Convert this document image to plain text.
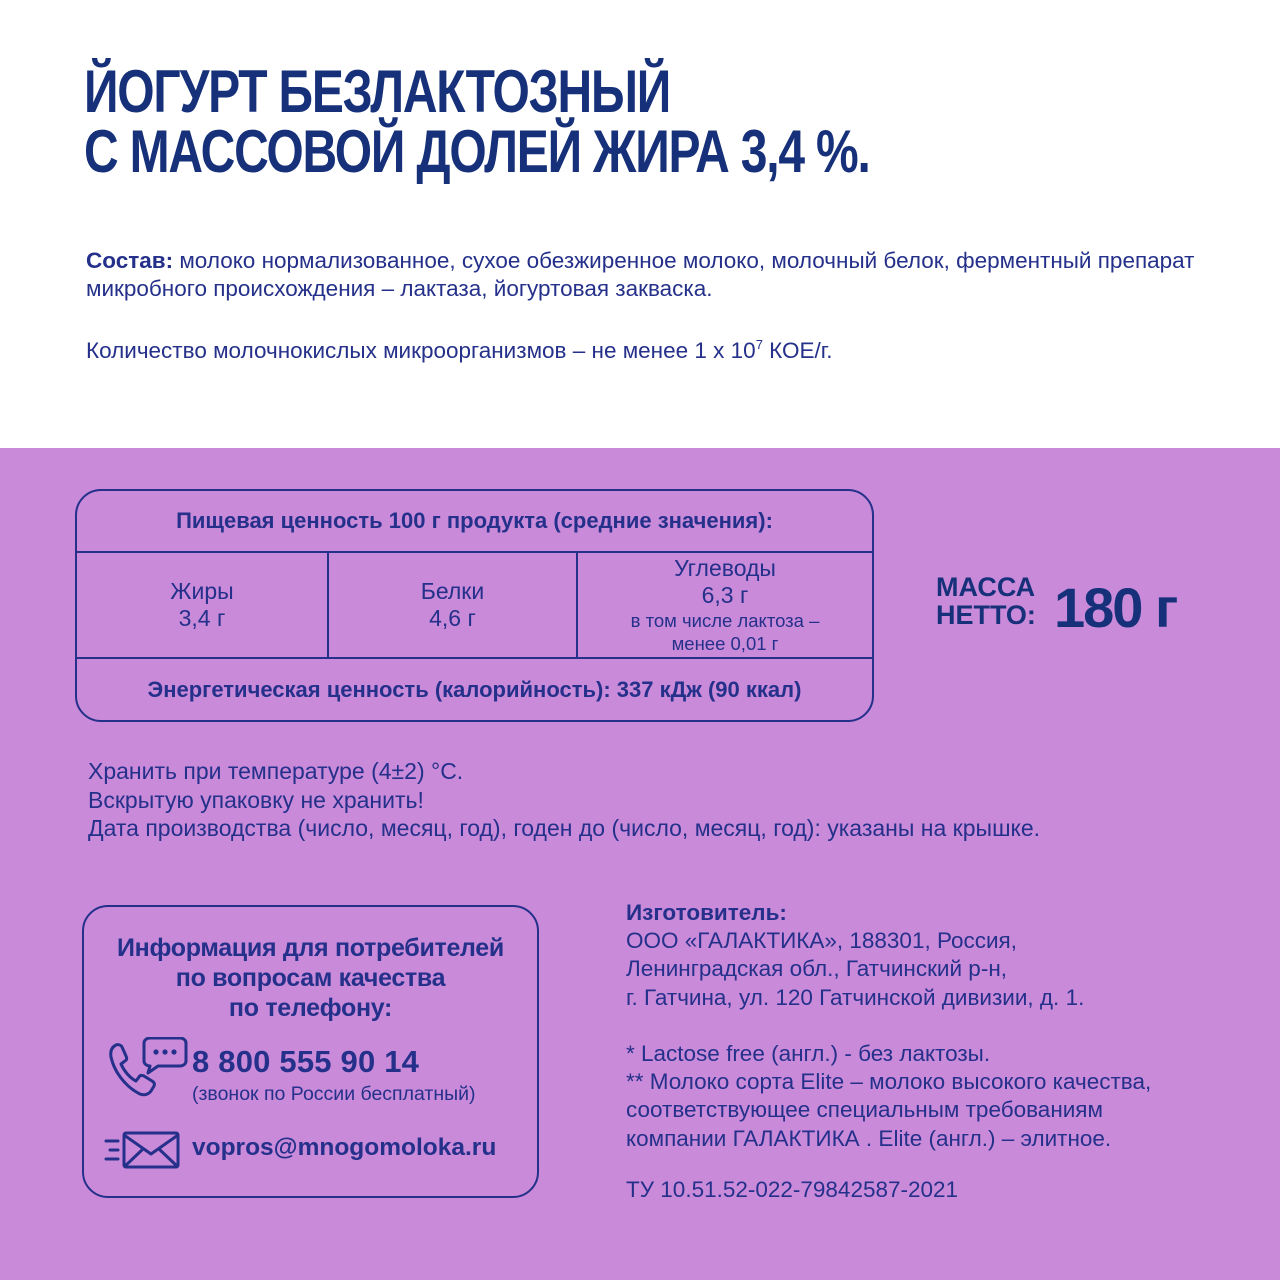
ЙОГУРТ БЕЗЛАКТОЗНЫЙ
С МАССОВОЙ ДОЛЕЙ ЖИРА 3,4 %.
Состав: молоко нормализованное, сухое обезжиренное молоко, молочный белок, ферментный препарат микробного происхождения – лактаза, йогуртовая закваска.
Количество молочнокислых микроорганизмов – не менее 1 х $10^7$ КОЕ/г.
Пищевая ценность 100 г продукта (средние значения):
Жиры
3,4 г
Белки
4,6 г
Углеводы
6,3 г
в том числе лактоза –
менее 0,01 г
Энергетическая ценность (калорийность): 337 кДж (90 ккал)
МАССА
НЕТТО: 180 г
Хранить при температуре (4±2) °С.
Вскрытую упаковку не хранить!
Дата производства (число, месяц, год), годен до (число, месяц, год): указаны на крышке.
Информация для потребителей
по вопросам качества
по телефону:
8 800 555 90 14
(звонок по России бесплатный)
vopros@mnogomoloka.ru
Изготовитель:
ООО «ГАЛАКТИКА», 188301, Россия,
Ленинградская обл., Гатчинский р-н,
г. Гатчина, ул. 120 Гатчинской дивизии, д. 1.
* Lactose free (англ.) - без лактозы.
** Молоко сорта Elite – молоко высокого качества,
соответствующее специальным требованиям
компании ГАЛАКТИКА . Elite (англ.) – элитное.
ТУ 10.51.52-022-79842587-2021
